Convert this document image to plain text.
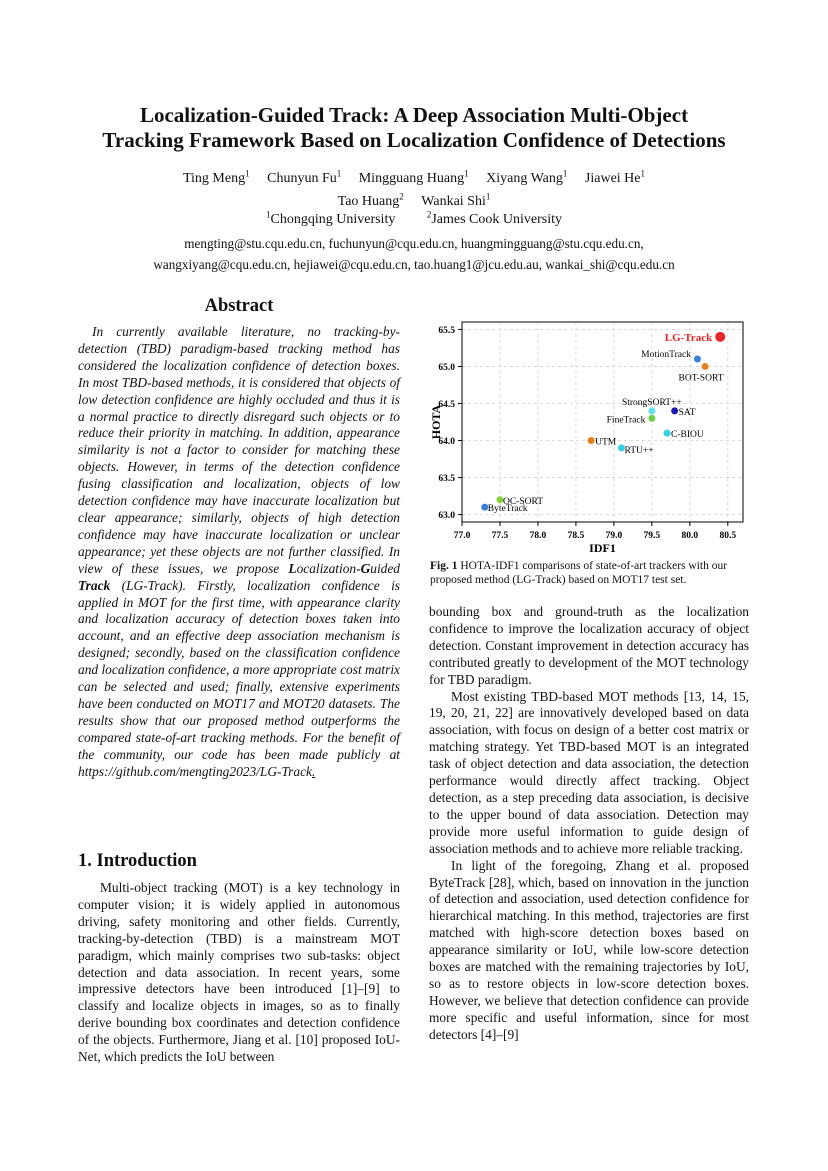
Localization-Guided Track: A Deep Association Multi-Object
Tracking Framework Based on Localization Confidence of Detections
Ting Meng$^1$ Chunyun Fu$^1$ Mingguang Huang$^1$ Xiyang Wang$^1$ Jiawei He$^1$
Tao Huang$^2$ Wankai Shi$^1$
$^1$Chongqing University	$^2$James Cook University
mengting@stu.cqu.edu.cn, fuchunyun@cqu.edu.cn, huangmingguang@stu.cqu.edu.cn,
wangxiyang@cqu.edu.cn, hejiawei@cqu.edu.cn, tao.huang1@jcu.edu.au, wankai_shi@cqu.edu.cn
Abstract

In currently available literature, no tracking-by-detection (TBD) paradigm-based tracking method has considered the localization confidence of detection boxes. In most TBD-based methods, it is considered that objects of low detection confidence are highly occluded and thus it is a normal practice to directly disregard such objects or to reduce their priority in matching. In addition, appearance similarity is not a factor to consider for matching these objects. However, in terms of the detection confidence fusing classification and localization, objects of low detection confidence may have inaccurate localization but clear appearance; similarly, objects of high detection confidence may have inaccurate localization or unclear appearance; yet these objects are not further classified. In view of these issues, we propose Localization-Guided Track (LG-Track). Firstly, localization confidence is applied in MOT for the first time, with appearance clarity and localization accuracy of detection boxes taken into account, and an effective deep association mechanism is designed; secondly, based on the classification confidence and localization confidence, a more appropriate cost matrix can be selected and used; finally, extensive experiments have been conducted on MOT17 and MOT20 datasets. The results show that our proposed method outperforms the compared state-of-art tracking methods. For the benefit of the community, our code has been made publicly at https://github.com/mengting2023/LG-Track.

1. Introduction

Multi-object tracking (MOT) is a key technology in computer vision; it is widely applied in autonomous driving, safety monitoring and other fields. Currently, tracking-by-detection (TBD) is a mainstream MOT paradigm, which mainly comprises two sub-tasks: object detection and data association. In recent years, some impressive detectors have been introduced [1]–[9] to classify and localize objects in images, so as to finally derive bounding box coordinates and detection confidence of the objects. Furthermore, Jiang et al. [10] proposed IoU-Net, which predicts the IoU between

77.0 77.5 78.0 78.5 79.0 79.5 80.0 80.5
63.0
63.5
64.0
64.5
65.0
65.5
IDF1
HOTA
LG-Track
MotionTrack
BOT-SORT
StrongSORT++
SAT
FineTrack
C-BIOU
UTM
RTU++
OC-SORT
ByteTrack
Fig. 1 HOTA-IDF1 comparisons of state-of-art trackers with our proposed method (LG-Track) based on MOT17 test set.

bounding box and ground-truth as the localization confidence to improve the localization accuracy of object detection. Constant improvement in detection accuracy has contributed greatly to development of the MOT technology for TBD paradigm.

Most existing TBD-based MOT methods [13, 14, 15, 19, 20, 21, 22] are innovatively developed based on data association, with focus on design of a better cost matrix or matching strategy. Yet TBD-based MOT is an integrated task of object detection and data association, the detection performance would directly affect tracking. Object detection, as a step preceding data association, is decisive to the upper bound of data association. Detection may provide more useful information to guide design of association methods and to achieve more reliable tracking.

In light of the foregoing, Zhang et al. proposed ByteTrack [28], which, based on innovation in the junction of detection and association, used detection confidence for hierarchical matching. In this method, trajectories are first matched with high-score detection boxes based on appearance similarity or IoU, while low-score detection boxes are matched with the remaining trajectories by IoU, so as to restore objects in low-score detection boxes. However, we believe that detection confidence can provide more specific and useful information, since for most detectors [4]–[9]
